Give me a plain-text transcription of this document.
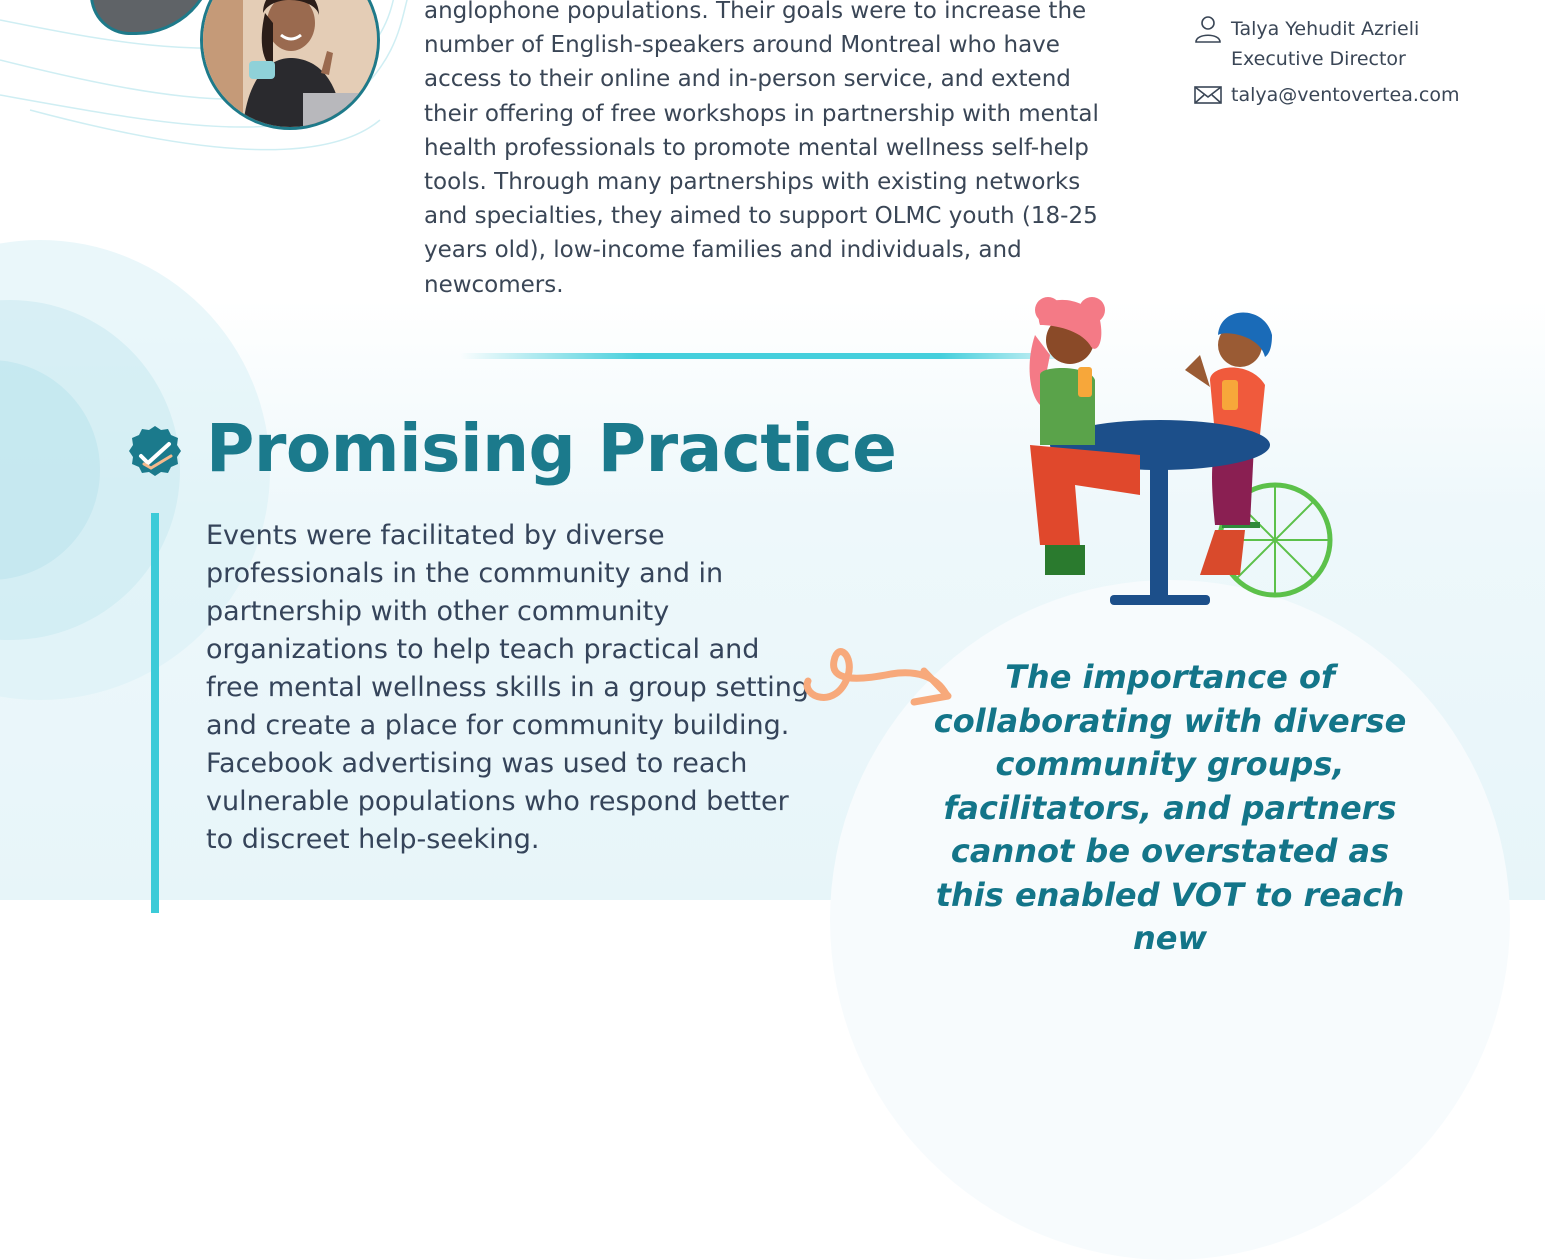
anglophone populations. Their goals were to increase the number of English-speakers around Montreal who have access to their online and in-person service, and extend their offering of free workshops in partnership with mental health professionals to promote mental wellness self-help tools. Through many partnerships with existing networks and specialties, they aimed to support OLMC youth (18-25 years old), low-income families and individuals, and newcomers.

Talya Yehudit Azrieli
Executive Director
talya@ventovertea.com
Promising Practice

Events were facilitated by diverse professionals in the community and in partnership with other community organizations to help teach practical and free mental wellness skills in a group setting and create a place for community building. Facebook advertising was used to reach vulnerable populations who respond better to discreet help-seeking.

The importance of collaborating with diverse community groups, facilitators, and partners cannot be overstated as this enabled VOT to reach new
